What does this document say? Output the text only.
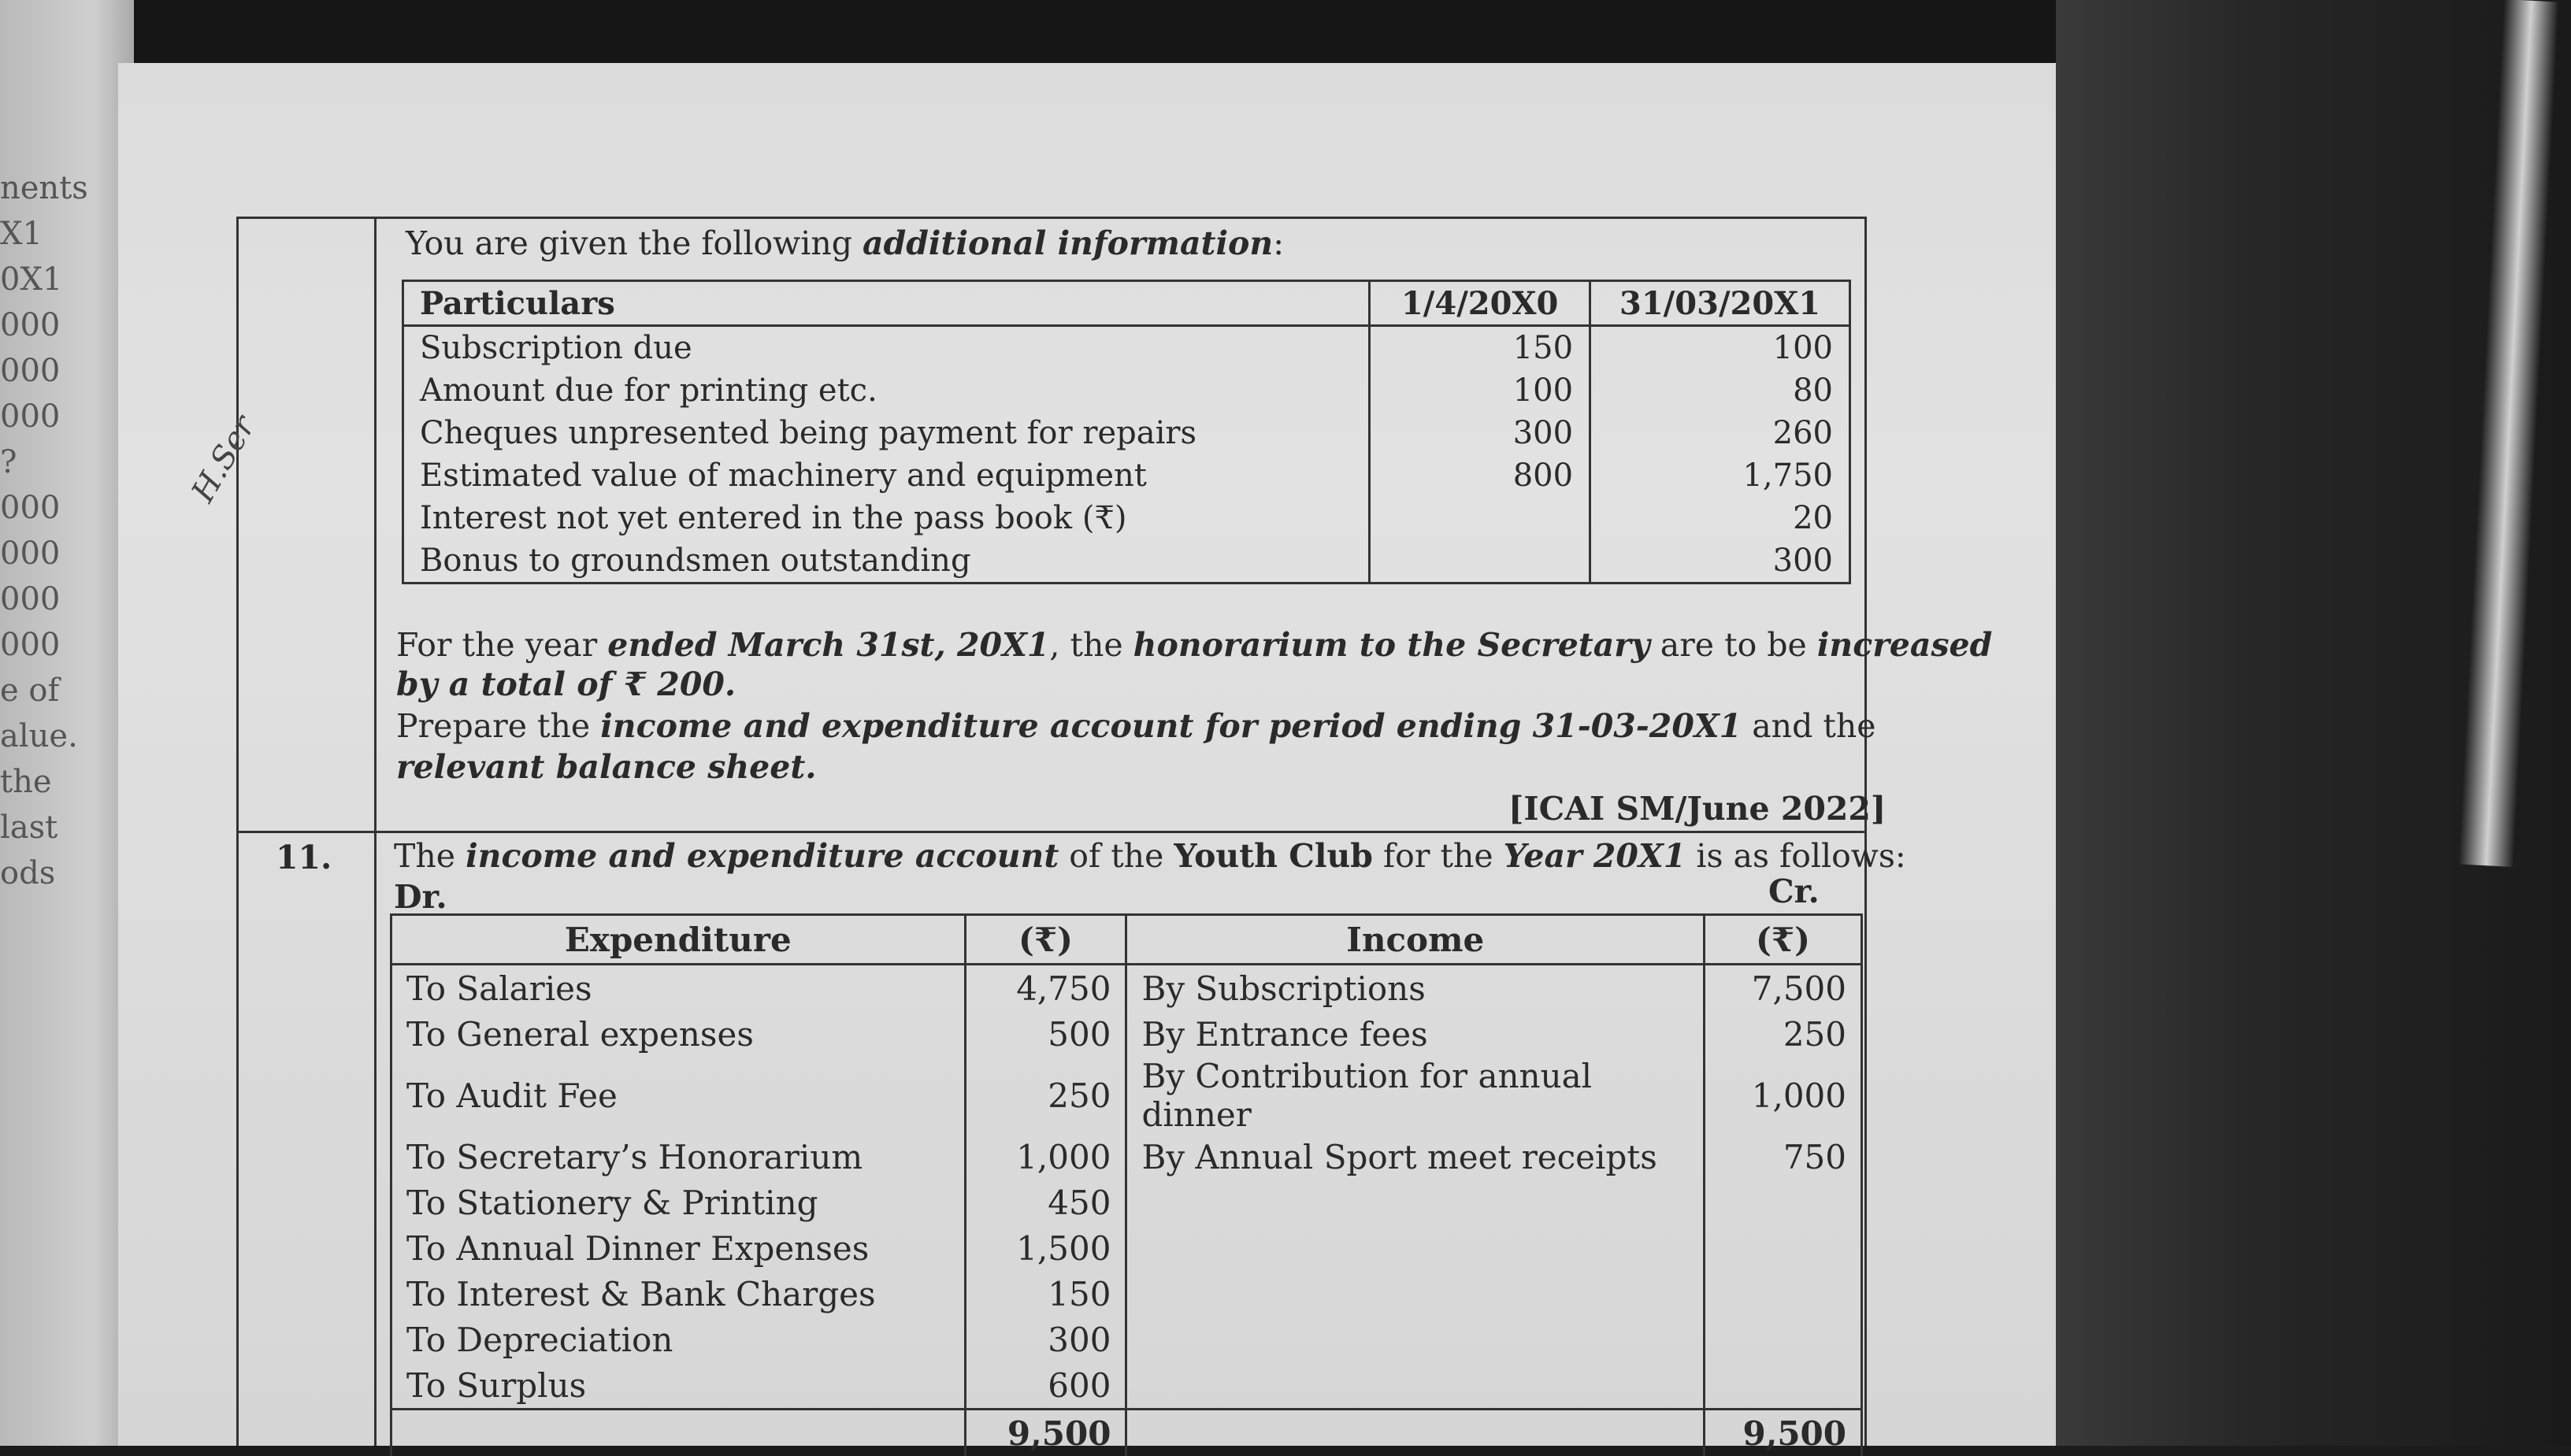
nents
X1
0X1
000
000
000
?
000
000
000
000
e of
alue.
the
last
ods
H.Ser
You are given the following additional information:
Particulars	1/4/20X0	31/03/20X1
Subscription due	150	100
Amount due for printing etc.	100	80
Cheques unpresented being payment for repairs	300	260
Estimated value of machinery and equipment	800	1,750
Interest not yet entered in the pass book (₹)		20
Bonus to groundsmen outstanding		300
For the year ended March 31st, 20X1, the honorarium to the Secretary are to be increased
by a total of ₹ 200.
Prepare the income and expenditure account for period ending 31-03-20X1 and the
relevant balance sheet.
[ICAI SM/June 2022]
11. The income and expenditure account of the Youth Club for the Year 20X1 is as follows:
Dr.	Cr.
Expenditure	(₹)	Income	(₹)
To Salaries	4,750	By Subscriptions	7,500
To General expenses	500	By Entrance fees	250
To Audit Fee	250	By Contribution for annual dinner	1,000
To Secretary’s Honorarium	1,000	By Annual Sport meet receipts	750
To Stationery & Printing	450		
To Annual Dinner Expenses	1,500		
To Interest & Bank Charges	150		
To Depreciation	300		
To Surplus	600		
	9,500		9,500
